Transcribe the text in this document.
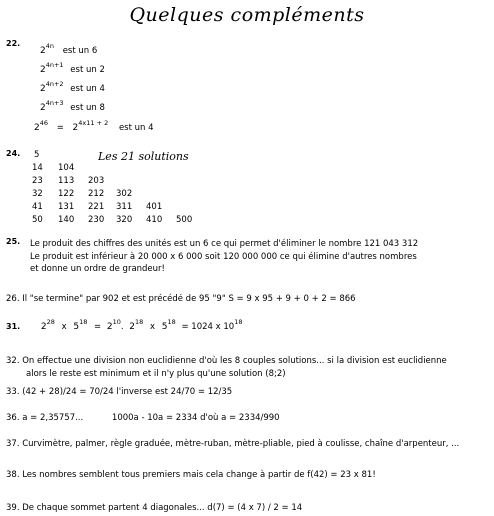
Quelques compléments
22.
$2^{4n}$ est un 6
$2^{4n+1}$ est un 2
$2^{4n+2}$ est un 4
$2^{4n+3}$ est un 8
$2^{46} = 2^{4x11 + 2}$ est un 4
24.	Les 21 solutions
5
14 104
23 113 203
32 122 212 302
41 131 221 311 401
50 140 230 320 410 500
25. Le produit des chiffres des unités est un 6 ce qui permet d'éliminer le nombre 121 043 312
Le produit est inférieur à 20 000 x 6 000 soit 120 000 000 ce qui élimine d'autres nombres
et donne un ordre de grandeur!
26. Il "se termine" par 902 et est précédé de 95 "9" S = 9 x 95 + 9 + 0 + 2 = 866
31. $2^{28}$ x $5^{18} = 2^{10}$. $2^{18}$ x $5^{18} = 1024$ x $10^{18}$
32. On effectue une division non euclidienne d'où les 8 couples solutions... si la division est euclidienne
alors le reste est minimum et il n'y plus qu'une solution (8;2)
33. (42 + 28)/24 = 70/24 l'inverse est 24/70 = 12/35
36. a = 2,35757...	1000a - 10a = 2334 d'où a = 2334/990
37. Curvimètre, palmer, règle graduée, mètre-ruban, mètre-pliable, pied à coulisse, chaîne d'arpenteur, ...
38. Les nombres semblent tous premiers mais cela change à partir de f(42) = 23 x 81!
39. De chaque sommet partent 4 diagonales... d(7) = (4 x 7) / 2 = 14
